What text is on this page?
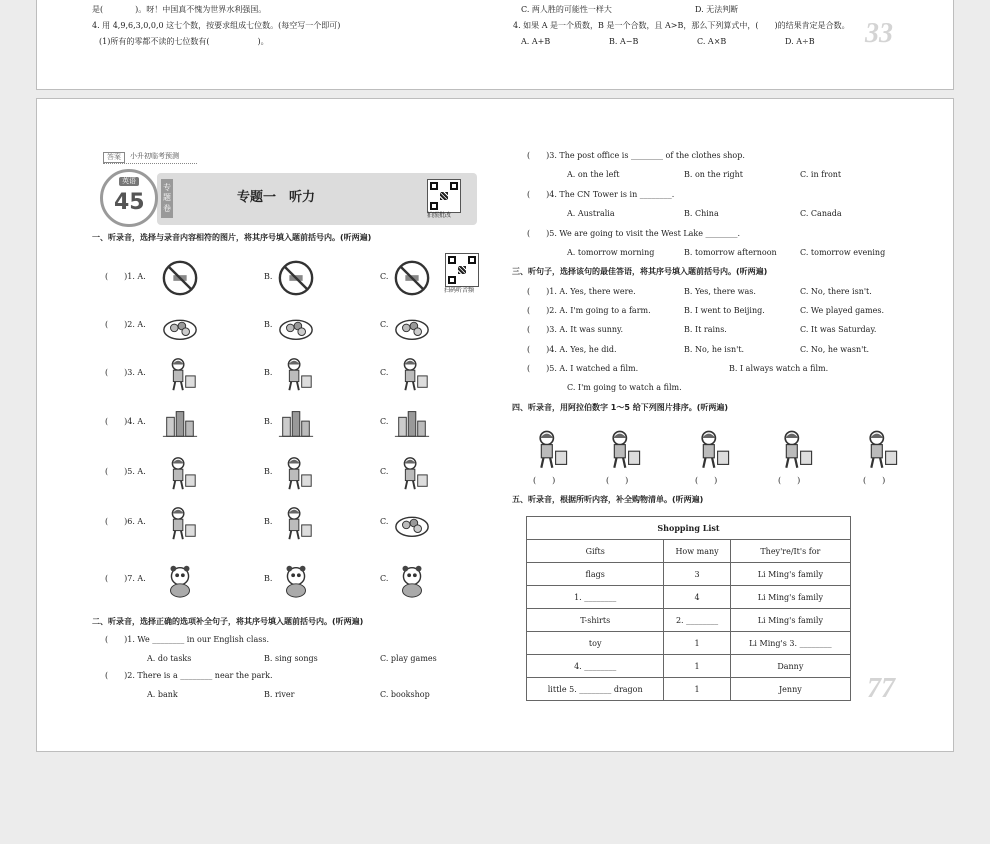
是(　　　　)。呀！中国真不愧为世界水利强国。
4. 用 4,9,6,3,0,0,0 这七个数，按要求组成七位数。(每空写一个即可)
(1)所有的零都不读的七位数有(　　　　　　)。
C. 两人胜的可能性一样大	D. 无法判断
4. 如果 A 是一个质数，B 是一个合数，且 A>B，那么下列算式中，(　　)的结果肯定是合数。
A. A+B	B. A−B	C. A×B	D. A÷B 33
答案	小升初临考预测
英语
45
专题卷
专题一　听力
拍照批改
一、听录音，选择与录音内容相符的图片，将其序号填入题前括号内。(听两遍)
扫码听音频
(　　)1. A.	B.	C.
(　　)2. A.	B.	C.
(　　)3. A.	B.	C.
(　　)4. A.	B.	C.
(　　)5. A.	B.	C.
(　　)6. A.	B.	C.
(　　)7. A.	B.	C.
二、听录音，选择正确的选项补全句子，将其序号填入题前括号内。(听两遍)
(　　)1. We ________ in our English class.
A. do tasks	B. sing songs	C. play games
(　　)2. There is a ________ near the park.
A. bank	B. river	C. bookshop
(　　)3. The post office is ________ of the clothes shop.
A. on the left	B. on the right	C. in front
(　　)4. The CN Tower is in ________.
A. Australia	B. China	C. Canada
(　　)5. We are going to visit the West Lake ________.
A. tomorrow morning	B. tomorrow afternoon	C. tomorrow evening
三、听句子，选择该句的最佳答语，将其序号填入题前括号内。(听两遍)
(　　)1. A. Yes, there were.	B. Yes, there was.	C. No, there isn't.
(　　)2. A. I'm going to a farm.	B. I went to Beijing.	C. We played games.
(　　)3. A. It was sunny.	B. It rains.	C. It was Saturday.
(　　)4. A. Yes, he did.	B. No, he isn't.	C. No, he wasn't.
(　　)5. A. I watched a film.	B. I always watch a film.
C. I'm going to watch a film.
四、听录音，用阿拉伯数字 1～5 给下列图片排序。(听两遍)
(　　)	(　　)	(　　)	(　　)	(　　)
五、听录音，根据所听内容，补全购物清单。(听两遍)
Shopping List		
Gifts	How many	They're/It's for
flags	3	Li Ming's family
1. ________	4	Li Ming's family
T-shirts	2. ________	Li Ming's family
toy	1	Li Ming's 3. ________
4. ________	1	Danny
little 5. ________ dragon	1	Jenny 77
